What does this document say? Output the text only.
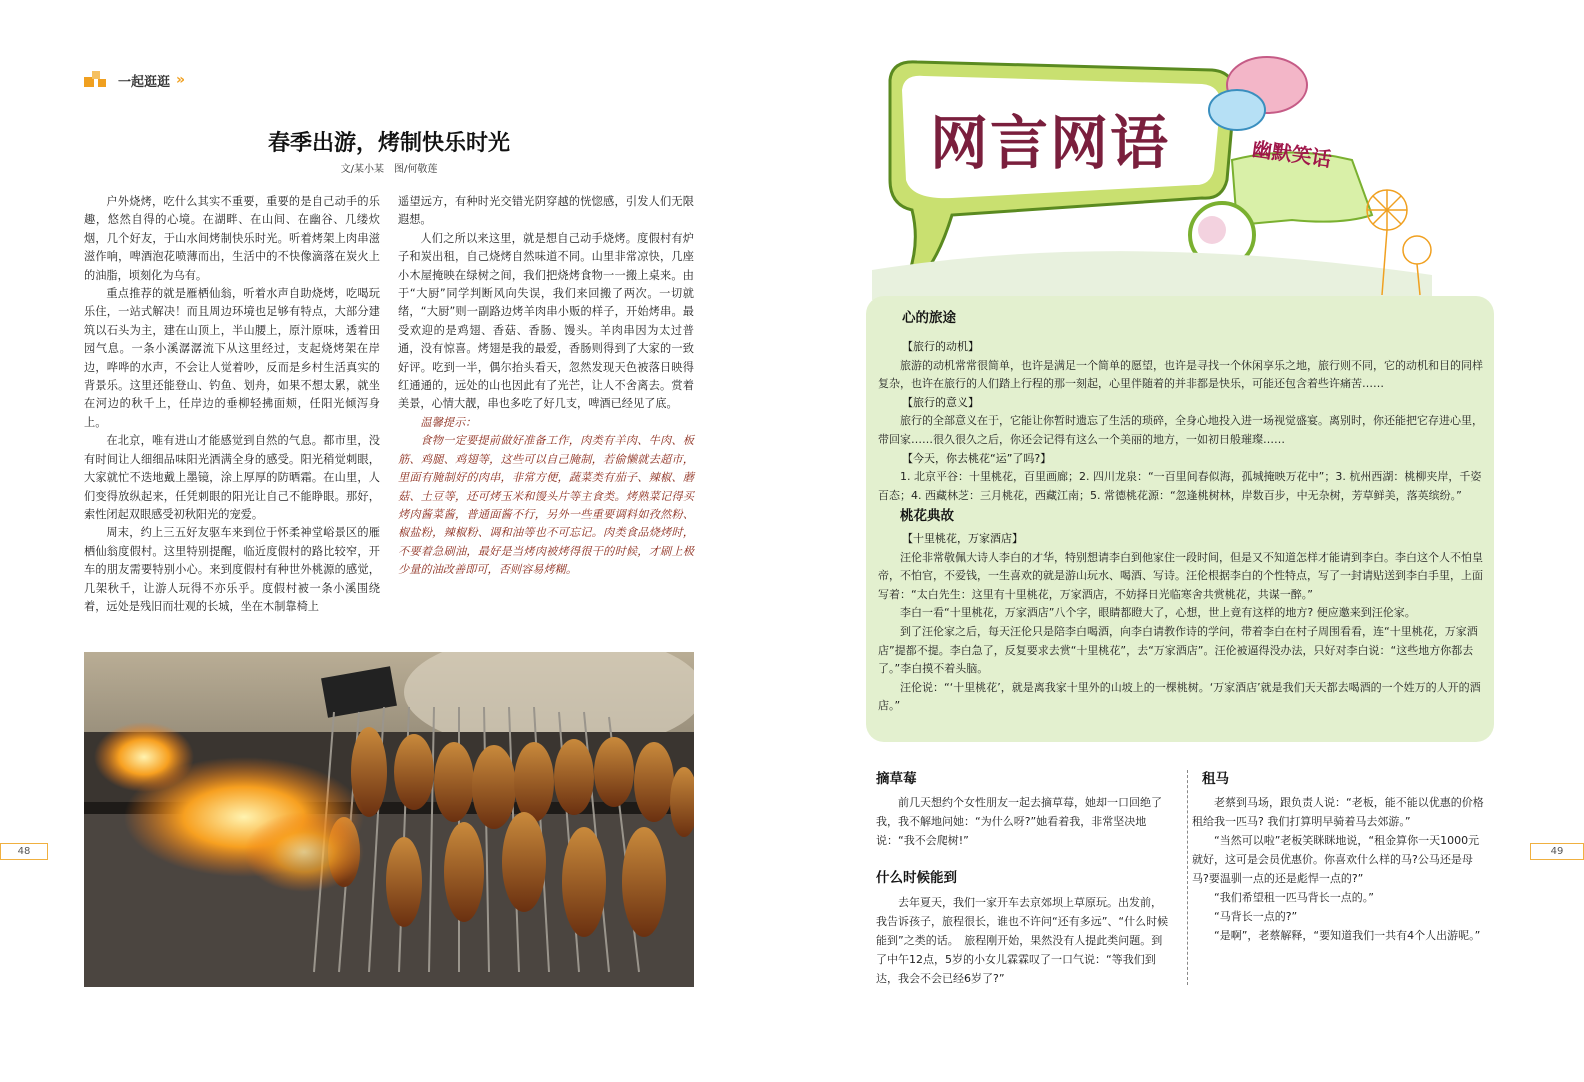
一起逛逛 »
春季出游，烤制快乐时光
文/某小某　图/何敬莲

户外烧烤，吃什么其实不重要，重要的是自己动手的乐趣，悠然自得的心境。在湖畔、在山间、在幽谷、几缕炊烟，几个好友，于山水间烤制快乐时光。听着烤架上肉串滋滋作响，啤酒泡花喷薄而出，生活中的不快像滴落在炭火上的油脂，顷刻化为乌有。

重点推荐的就是雁栖仙翁，听着水声自助烧烤，吃喝玩乐住，一站式解决！而且周边环境也足够有特点，大部分建筑以石头为主，建在山顶上，半山腰上，原汁原味，透着田园气息。一条小溪潺潺流下从这里经过，支起烧烤架在岸边，哗哗的水声，不会让人觉着吵，反而是乡村生活真实的背景乐。这里还能登山、钓鱼、划舟，如果不想太累，就坐在河边的秋千上，任岸边的垂柳轻拂面颊，任阳光倾泻身上。

在北京，唯有进山才能感觉到自然的气息。都市里，没有时间让人细细品味阳光洒满全身的感受。阳光稍觉刺眼，大家就忙不迭地戴上墨镜，涂上厚厚的防晒霜。在山里，人们变得放纵起来，任凭刺眼的阳光让自己不能睁眼。那好，索性闭起双眼感受初秋阳光的宠爱。

周末，约上三五好友驱车来到位于怀柔神堂峪景区的雁栖仙翁度假村。这里特别提醒，临近度假村的路比较窄，开车的朋友需要特别小心。来到度假村有种世外桃源的感觉，几架秋千，让游人玩得不亦乐乎。度假村被一条小溪围绕着，远处是残旧而壮观的长城，坐在木制靠椅上

遥望远方，有种时光交错光阴穿越的恍惚感，引发人们无限遐想。

人们之所以来这里，就是想自己动手烧烤。度假村有炉子和炭出租，自己烧烤自然味道不同。山里非常凉快，几座小木屋掩映在绿树之间，我们把烧烤食物一一搬上桌来。由于“大厨”同学判断风向失误，我们来回搬了两次。一切就绪，“大厨”则一副路边烤羊肉串小贩的样子，开始烤串。最受欢迎的是鸡翅、香菇、香肠、馒头。羊肉串因为太过普通，没有惊喜。烤翅是我的最爱，香肠则得到了大家的一致好评。吃到一半，偶尔抬头看天，忽然发现天色被落日映得红通通的，远处的山也因此有了光芒，让人不舍离去。赏着美景，心情大靓，串也多吃了好几支，啤酒已经见了底。

温馨提示：

食物一定要提前做好准备工作，肉类有羊肉、牛肉、板筋、鸡腿、鸡翅等，这些可以自己腌制，若偷懒就去超市，里面有腌制好的肉串，非常方便，蔬菜类有茄子、辣椒、蘑菇、土豆等，还可烤玉米和馒头片等主食类。烤熟菜记得买烤肉酱菜酱，普通面酱不行，另外一些重要调料如孜然粉、椒盐粉，辣椒粉、调和油等也不可忘记。肉类食品烧烤时，不要着急刷油，最好是当烤肉被烤得很干的时候，才刷上极少量的油改善即可，否则容易烤糊。

48	49
网言网语	幽默笑话
心的旅途
【旅行的动机】

旅游的动机常常很简单，也许是满足一个简单的愿望，也许是寻找一个休闲享乐之地，旅行则不同，它的动机和目的同样复杂，也许在旅行的人们踏上行程的那一刻起，心里伴随着的并非都是快乐，可能还包含着些许痛苦……

【旅行的意义】

旅行的全部意义在于，它能让你暂时遗忘了生活的琐碎，全身心地投入进一场视觉盛宴。离别时，你还能把它存进心里，带回家……很久很久之后，你还会记得有这么一个美丽的地方，一如初日般璀璨……

【今天，你去桃花“运”了吗?】

1. 北京平谷：十里桃花，百里画廊；2. 四川龙泉：“一百里间春似海，孤城掩映万花中”；3. 杭州西湖：桃柳夹岸，千姿百态；4. 西藏林芝：三月桃花，西藏江南；5. 常德桃花源：“忽逢桃树林，岸数百步，中无杂树，芳草鲜美，落英缤纷。”

桃花典故
【十里桃花，万家酒店】

汪伦非常敬佩大诗人李白的才华，特别想请李白到他家住一段时间，但是又不知道怎样才能请到李白。李白这个人不怕皇帝，不怕官，不爱钱，一生喜欢的就是游山玩水、喝酒、写诗。汪伦根据李白的个性特点，写了一封请贴送到李白手里，上面写着：“太白先生：这里有十里桃花，万家酒店，不妨择日光临寒舍共赏桃花，共谋一醉。”

李白一看“十里桃花，万家酒店”八个字，眼睛都瞪大了，心想，世上竟有这样的地方? 便应邀来到汪伦家。

到了汪伦家之后，每天汪伦只是陪李白喝酒，向李白请教作诗的学问，带着李白在村子周围看看，连“十里桃花，万家酒店”提都不提。李白急了，反复要求去赏“十里桃花”，去“万家酒店”。汪伦被逼得没办法，只好对李白说：“这些地方你都去了。”李白摸不着头脑。

汪伦说：“‘十里桃花’，就是离我家十里外的山坡上的一棵桃树。‘万家酒店’就是我们天天都去喝酒的一个姓万的人开的酒店。”

摘草莓

前几天想约个女性朋友一起去摘草莓，她却一口回绝了我，我不解地问她：“为什么呀?”她看着我，非常坚决地说：“我不会爬树!”

什么时候能到

去年夏天，我们一家开车去京郊坝上草原玩。出发前，我告诉孩子，旅程很长，谁也不许问“还有多远”、“什么时候能到”之类的话。　旅程刚开始，果然没有人提此类问题。到了中午12点，5岁的小女儿霖霖叹了一口气说：“等我们到达，我会不会已经6岁了?”

租马

老蔡到马场，跟负责人说：“老板，能不能以优惠的价格租给我一匹马? 我们打算明早骑着马去郊游。”

“当然可以啦”老板笑眯眯地说，“租金算你一天1000元就好，这可是会员优惠价。你喜欢什么样的马?公马还是母马?要温驯一点的还是彪悍一点的?”

“我们希望租一匹马背长一点的。”

“马背长一点的?”

“是啊”，老蔡解释，“要知道我们一共有4个人出游呢。”
